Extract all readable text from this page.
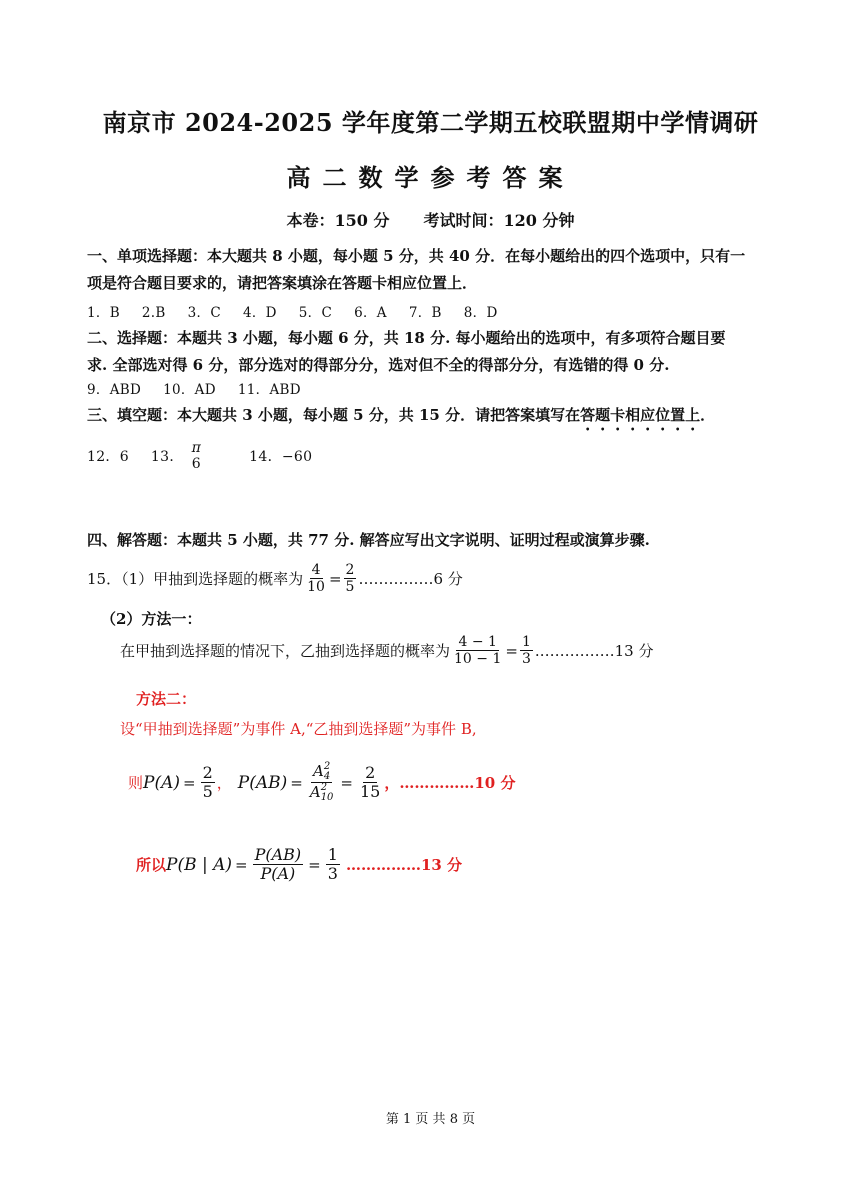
南京市 2024-2025 学年度第二学期五校联盟期中学情调研
高二数学参考答案
本卷：150 分 考试时间：120 分钟
一、单项选择题：本大题共 8 小题，每小题 5 分，共 40 分．在每小题给出的四个选项中，只有一
项是符合题目要求的，请把答案填涂在答题卡相应位置上．
1．B 2.B 3．C 4．D 5．C 6．A 7．B 8．D
二、选择题：本题共 3 小题，每小题 6 分，共 18 分. 每小题给出的选项中，有多项符合题目要
求. 全部选对得 6 分，部分选对的得部分分，选对但不全的得部分分，有选错的得 0 分.
9．ABD 10．AD 11．ABD
三、填空题：本大题共 3 小题，每小题 5 分，共 15 分．请把答案填写在答题卡相应位置上．
12．6 13．
π
6	14．−60
四、解答题：本题共 5 小题，共 77 分. 解答应写出文字说明、证明过程或演算步骤.
15．（1）甲抽到选择题的概率为 $\frac{4}{10} = \frac{2}{5}$ ……………6 分
（2）方法一：
在甲抽到选择题的情况下，乙抽到选择题的概率为 $\frac{4 - 1}{10 - 1} = \frac{1}{3}$ .……………13 分
方法二：
设“甲抽到选择题”为事件 A,“乙抽到选择题”为事件 B,
则 $P(A) = \frac{2}{5}$ ， P(AB) = A 2
4
A 2
$10 = \frac{2}{15}$ ，……………10 分
所以 P(B | $A) = \frac{P(AB)}{P(A)} = \frac{1}{3}$ ……………13 分
第 1 页 共 8 页
